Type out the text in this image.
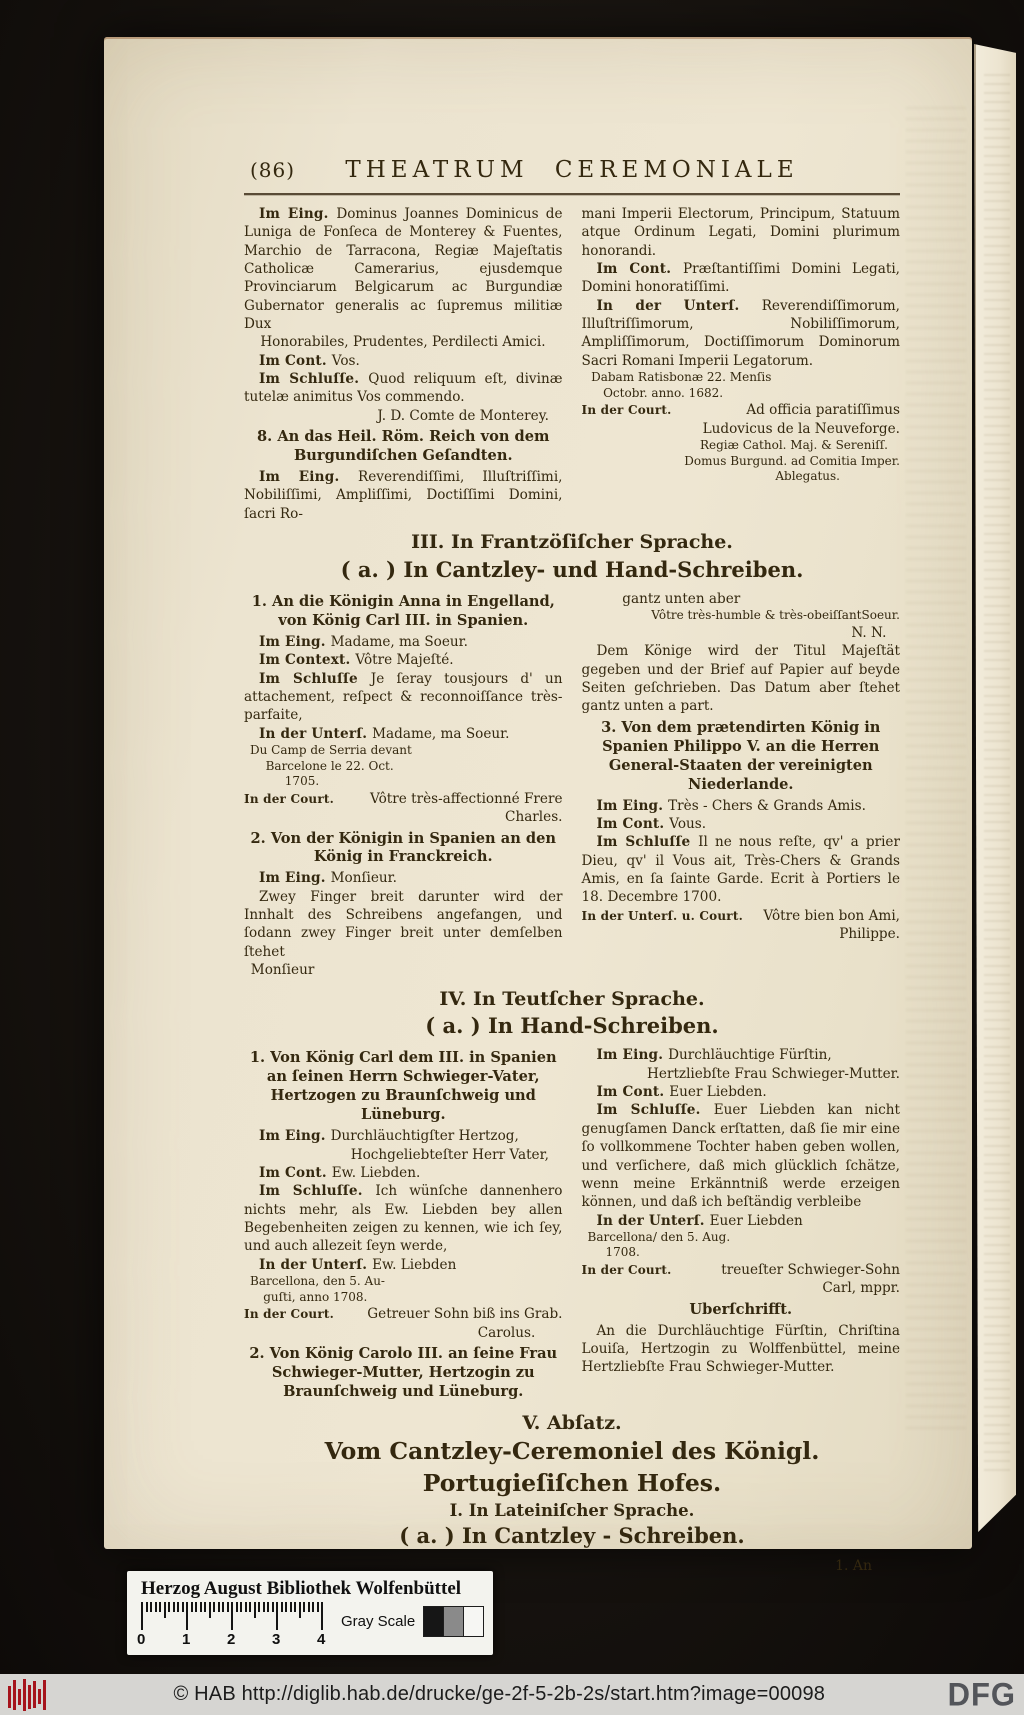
(86)	THEATRUM CEREMONIALE
Im Eing. Dominus Joannes Dominicus de Luniga de Fonſeca de Monterey & Fuentes, Marchio de Tarracona, Regiæ Majeſtatis Catholicæ Camerarius, ejusdemque Provinciarum Belgicarum ac Burgundiæ Gubernator generalis ac ſupremus militiæ Dux
Honorabiles, Prudentes, Perdilecti Amici.
Im Cont. Vos.
Im Schluſſe. Quod reliquum eſt, divinæ tutelæ animitus Vos commendo.
J. D. Comte de Monterey.
8. An das Heil. Röm. Reich von dem Burgundiſchen Geſandten.
Im Eing. Reverendiſſimi, Illuſtriſſimi, Nobiliſſimi, Ampliſſimi, Doctiſſimi Domini, ſacri Ro-
mani Imperii Electorum, Principum, Statuum atque Ordinum Legati, Domini plurimum honorandi.
Im Cont. Præſtantiſſimi Domini Legati, Domini honoratiſſimi.
In der Unterſ. Reverendiſſimorum, Illuſtriſſimorum, Nobiliſſimorum, Ampliſſimorum, Doctiſſimorum Dominorum Sacri Romani Imperii Legatorum.
Dabam Ratisbonæ 22. Menſis
Octobr. anno. 1682.
In der Court.	Ad officia paratiſſimus
Ludovicus de la Neuveforge.
Regiæ Cathol. Maj. & Sereniſſ.
Domus Burgund. ad Comitia Imper.
Ablegatus.
III. In Frantzöſiſcher Sprache.
( a. ) In Cantzley- und Hand-Schreiben.
1. An die Königin Anna in Engelland, von König Carl III. in Spanien.
Im Eing. Madame, ma Soeur.
Im Context. Vôtre Majeſté.
Im Schluſſe Je ſeray tousjours d' un attachement, reſpect & reconnoiſſance très-parfaite,
In der Unterſ. Madame, ma Soeur.
Du Camp de Serria devant
Barcelone le 22. Oct.
1705.
In der Court.	Vôtre très-affectionné Frere
Charles.
2. Von der Königin in Spanien an den König in Franckreich.
Im Eing. Monſieur.
Zwey Finger breit darunter wird der Innhalt des Schreibens angefangen, und ſodann zwey Finger breit unter demſelben ſtehet
Monſieur
gantz unten aber
Vôtre très-humble & très-obeiſſantSoeur.
N. N.
Dem Könige wird der Titul Majeſtät gegeben und der Brief auf Papier auf beyde Seiten geſchrieben. Das Datum aber ſtehet gantz unten a part.
3. Von dem prætendirten König in Spanien Philippo V. an die Herren General-Staaten der vereinigten Niederlande.
Im Eing. Très - Chers & Grands Amis.
Im Cont. Vous.
Im Schluſſe Il ne nous reſte, qv' a prier Dieu, qv' il Vous ait, Très-Chers & Grands Amis, en ſa ſainte Garde. Ecrit à Portiers le 18. Decembre 1700.
In der Unterſ. u. Court. Vôtre bien bon Ami,
Philippe.
IV. In Teutſcher Sprache.
( a. ) In Hand-Schreiben.
1. Von König Carl dem III. in Spanien an ſeinen Herrn Schwieger-Vater, Hertzogen zu Braunſchweig und Lüneburg.
Im Eing. Durchläuchtigſter Hertzog,
Hochgeliebteſter Herr Vater,
Im Cont. Ew. Liebden.
Im Schluſſe. Ich wünſche dannenhero nichts mehr, als Ew. Liebden bey allen Begebenheiten zeigen zu kennen, wie ich ſey, und auch allezeit ſeyn werde,
In der Unterſ. Ew. Liebden
Barcellona, den 5. Au-
guſti, anno 1708.
In der Court. Getreuer Sohn biß ins Grab.
Carolus.
2. Von König Carolo III. an ſeine Frau Schwieger-Mutter, Hertzogin zu Braunſchweig und Lüneburg.
Im Eing. Durchläuchtige Fürſtin,
Hertzliebſte Frau Schwieger-Mutter.
Im Cont. Euer Liebden.
Im Schluſſe. Euer Liebden kan nicht genugſamen Danck erſtatten, daß ſie mir eine ſo vollkommene Tochter haben geben wollen, und verſichere, daß mich glücklich ſchätze, wenn meine Erkänntniß werde erzeigen können, und daß ich beſtändig verbleibe
In der Unterſ. Euer Liebden
Barcellona/ den 5. Aug.
1708.
In der Court.	treueſter Schwieger-Sohn
Carl, mppr.
Uberſchrifft.
An die Durchläuchtige Fürſtin, Chriſtina Louiſa, Hertzogin zu Wolffenbüttel, meine Hertzliebſte Frau Schwieger-Mutter.
V. Abſatz.
Vom Cantzley-Ceremoniel des Königl. Portugieſiſchen Hofes.
I. In Lateiniſcher Sprache.
( a. ) In Cantzley - Schreiben.
1. An
Herzog August Bibliothek Wolfenbüttel
0 1 2 3 4
Gray Scale
© HAB http://diglib.hab.de/drucke/ge-2f-5-2b-2s/start.htm?image=00098	DFG
